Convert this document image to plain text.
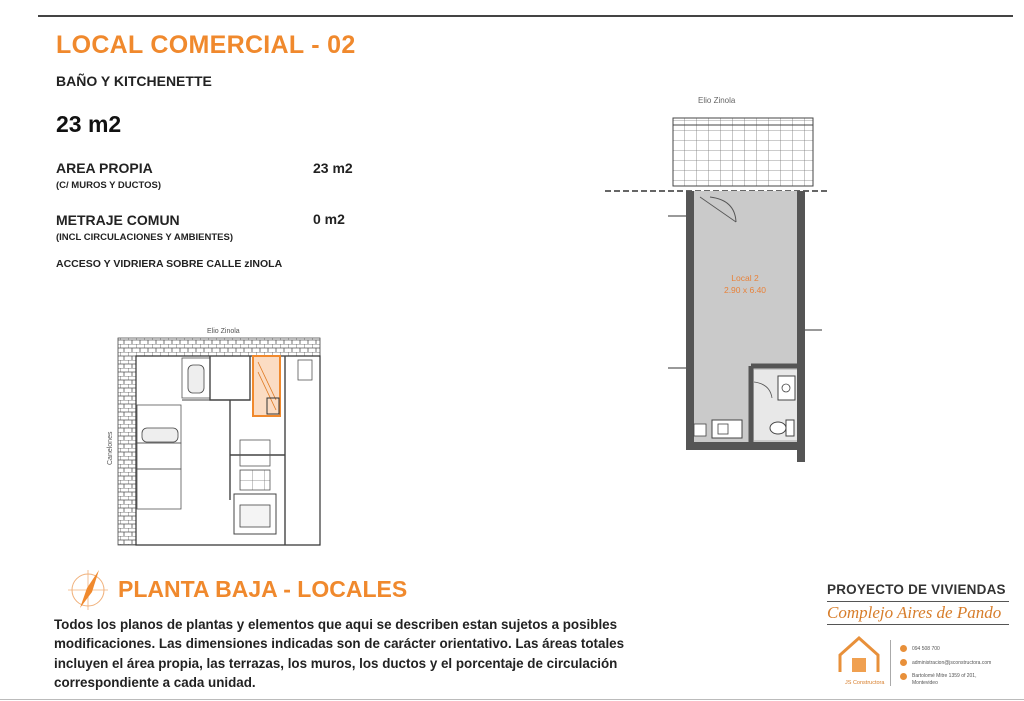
LOCAL COMERCIAL - 02
BAÑO Y KITCHENETTE
23 m2
AREA PROPIA
(C/ MUROS Y DUCTOS)
23 m2
METRAJE COMUN
(INCL CIRCULACIONES Y AMBIENTES)
0 m2
ACCESO Y VIDRIERA SOBRE CALLE zINOLA
Elio Zinola
Canelones
Elio Zinola
Local 2
2.90 x 6.40
PLANTA BAJA - LOCALES
Todos los planos de plantas y elementos que aqui se describen estan sujetos a posibles modificaciones. Las dimensiones indicadas son de carácter orientativo. Las áreas totales incluyen el área propia, las terrazas, los muros, los ductos y el porcentaje de circulación correspondiente a cada unidad.
PROYECTO DE VIVIENDAS
Complejo Aires de Pando
JS Constructora
094 508 700
administracion@jsconstructora.com
Bartolomé Mitre 1359 of 201, Montevideo
